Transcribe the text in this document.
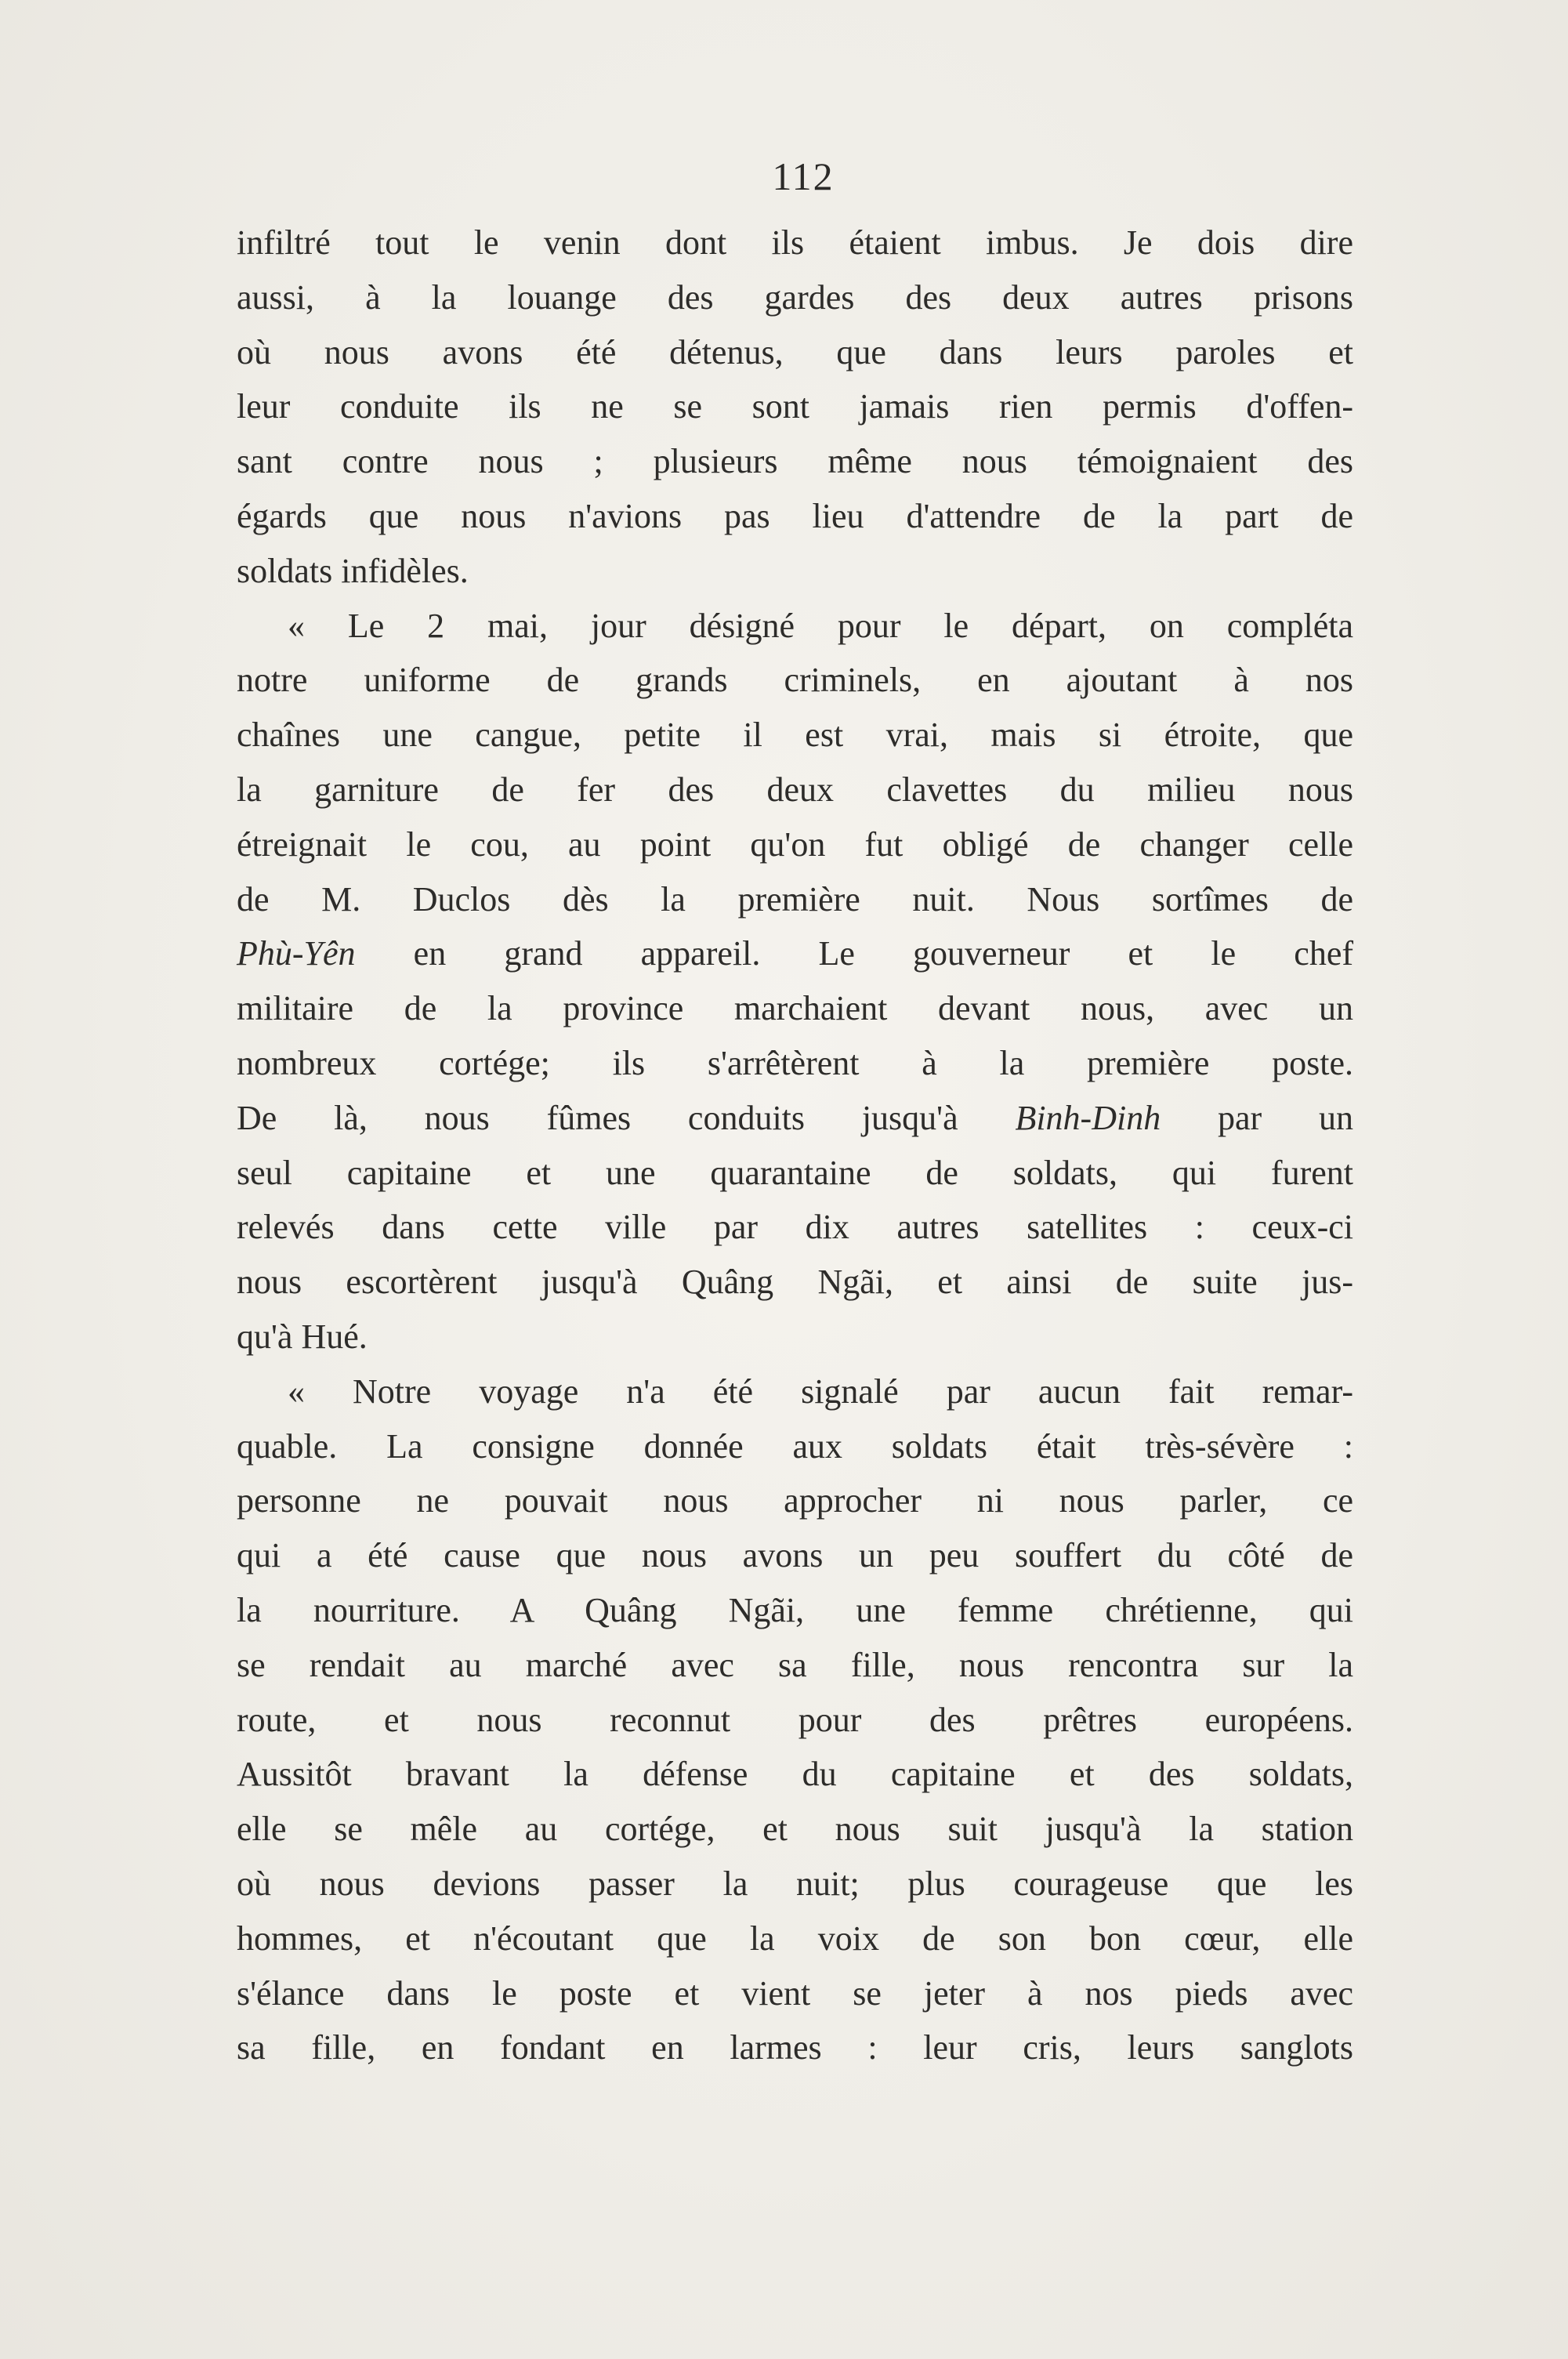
112
infiltré tout le venin dont ils étaient imbus. Je dois dire
aussi, à la louange des gardes des deux autres prisons
où nous avons été détenus, que dans leurs paroles et
leur conduite ils ne se sont jamais rien permis d'offen-
sant contre nous ; plusieurs même nous témoignaient des
égards que nous n'avions pas lieu d'attendre de la part de
soldats infidèles.
« Le 2 mai, jour désigné pour le départ, on compléta
notre uniforme de grands criminels, en ajoutant à nos
chaînes une cangue, petite il est vrai, mais si étroite, que
la garniture de fer des deux clavettes du milieu nous
étreignait le cou, au point qu'on fut obligé de changer celle
de M. Duclos dès la première nuit. Nous sortîmes de
Phù-Yên en grand appareil. Le gouverneur et le chef
militaire de la province marchaient devant nous, avec un
nombreux cortége; ils s'arrêtèrent à la première poste.
De là, nous fûmes conduits jusqu'à Binh-Dinh par un
seul capitaine et une quarantaine de soldats, qui furent
relevés dans cette ville par dix autres satellites : ceux-ci
nous escortèrent jusqu'à Quâng Ngãi, et ainsi de suite jus-
qu'à Hué.
« Notre voyage n'a été signalé par aucun fait remar-
quable. La consigne donnée aux soldats était très-sévère :
personne ne pouvait nous approcher ni nous parler, ce
qui a été cause que nous avons un peu souffert du côté de
la nourriture. A Quâng Ngãi, une femme chrétienne, qui
se rendait au marché avec sa fille, nous rencontra sur la
route, et nous reconnut pour des prêtres européens.
Aussitôt bravant la défense du capitaine et des soldats,
elle se mêle au cortége, et nous suit jusqu'à la station
où nous devions passer la nuit; plus courageuse que les
hommes, et n'écoutant que la voix de son bon cœur, elle
s'élance dans le poste et vient se jeter à nos pieds avec
sa fille, en fondant en larmes : leur cris, leurs sanglots
